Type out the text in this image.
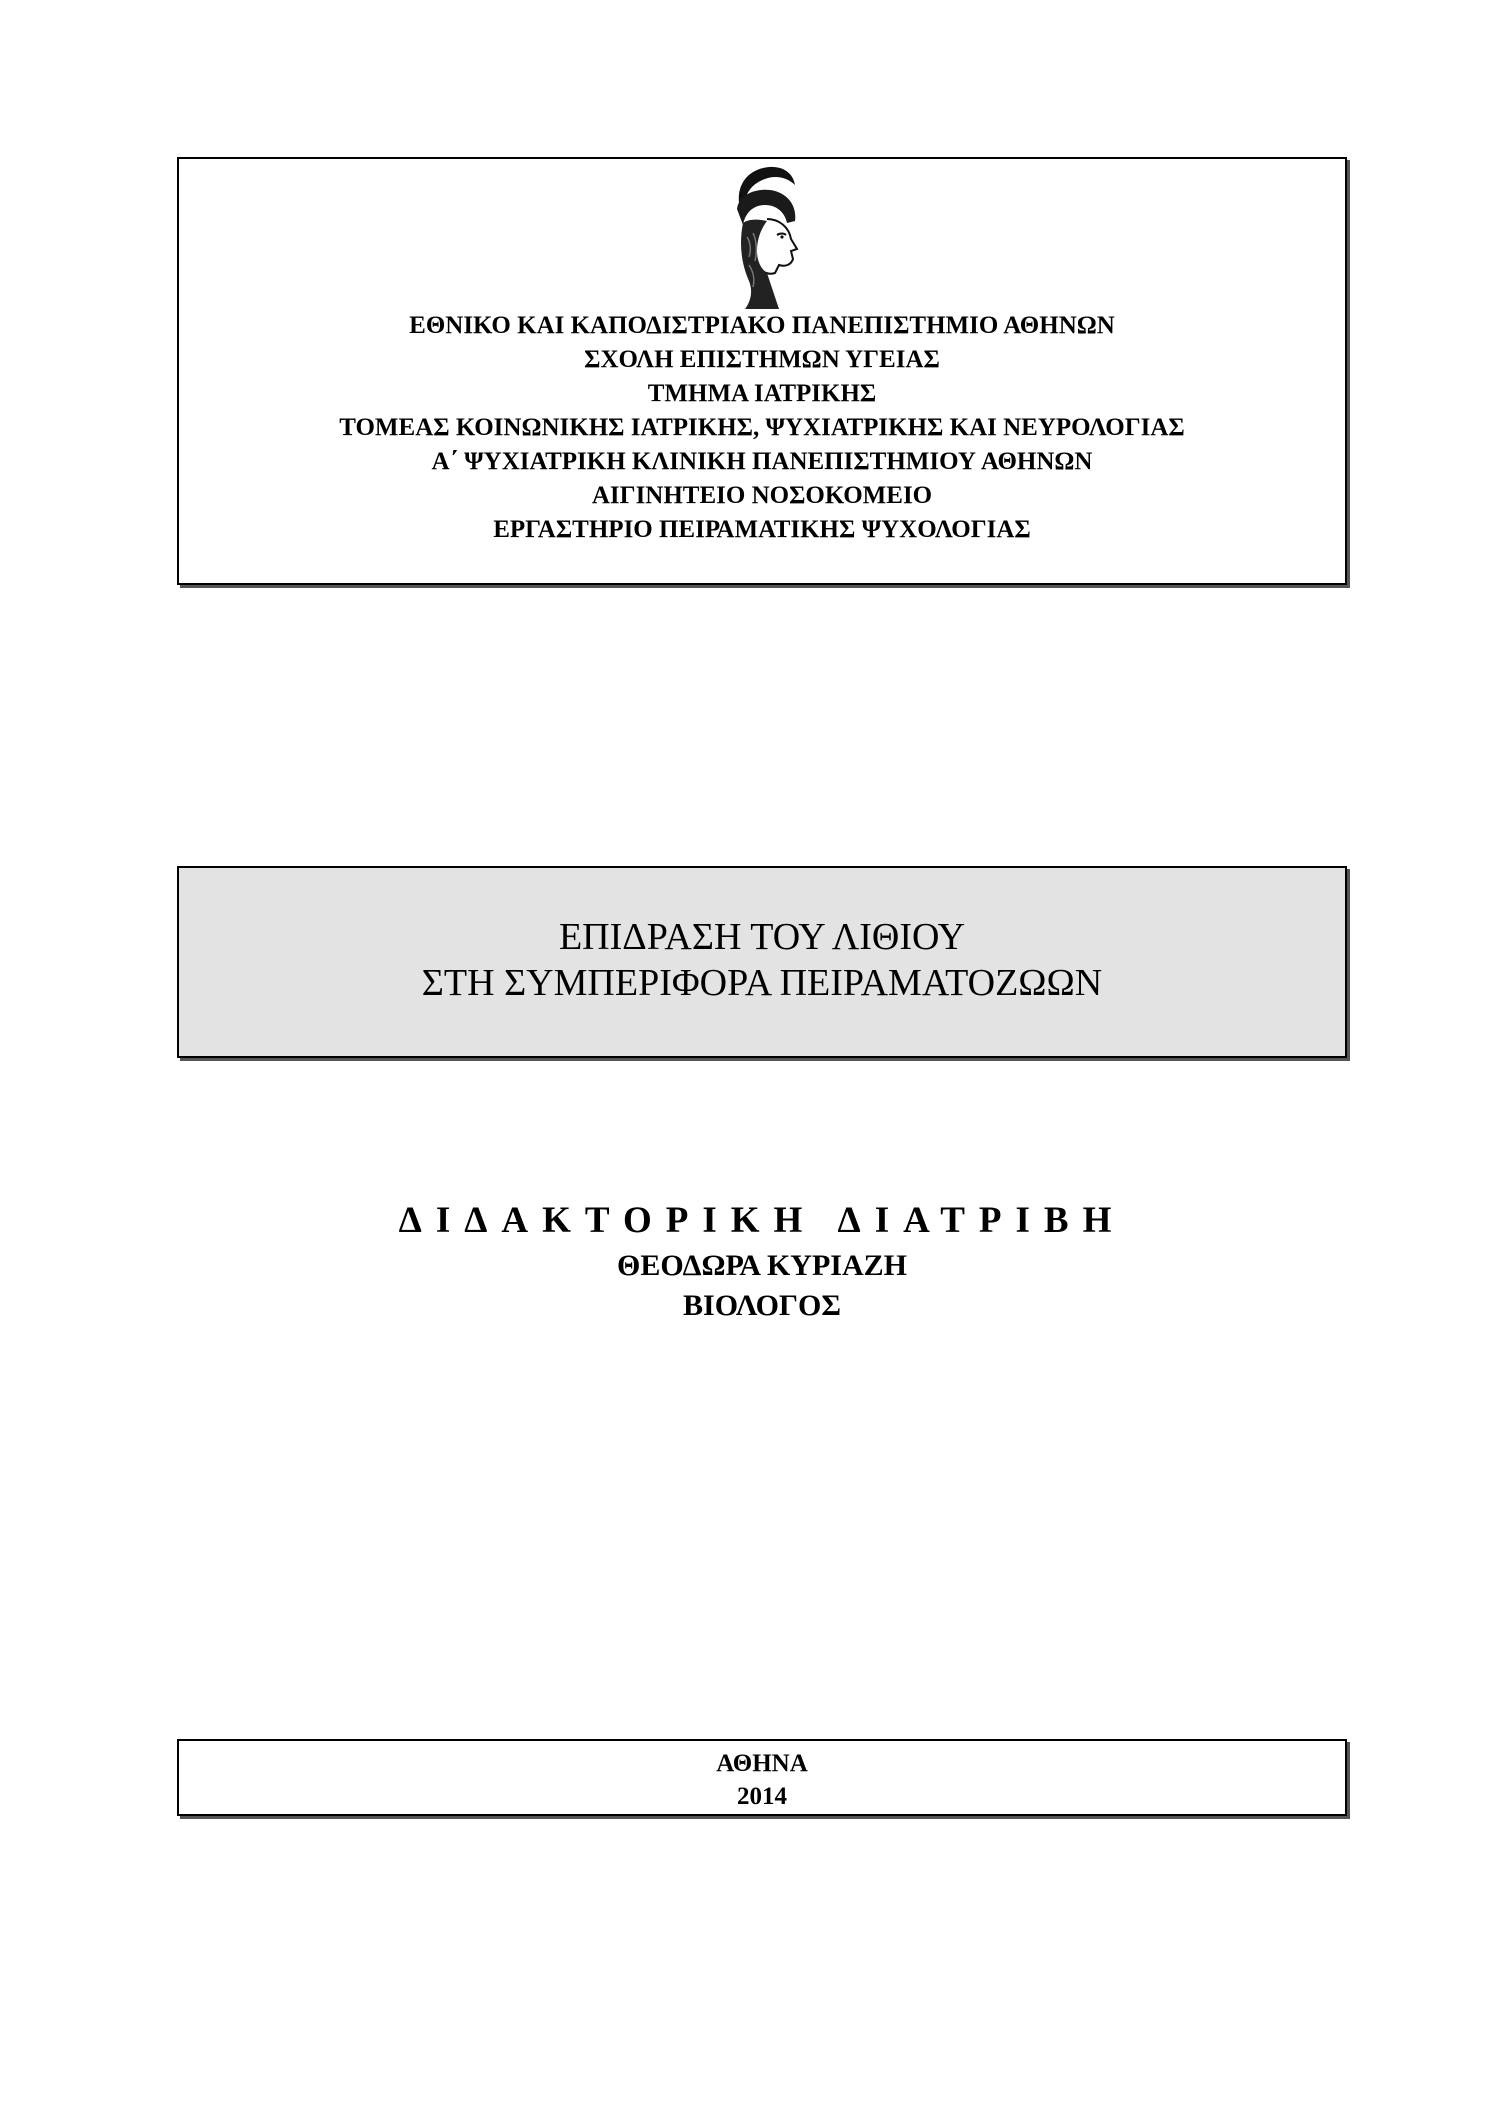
ΕΘΝΙΚΟ ΚΑΙ ΚΑΠΟΔΙΣΤΡΙΑΚΟ ΠΑΝΕΠΙΣΤΗΜΙΟ ΑΘΗΝΩΝ
ΣΧΟΛΗ ΕΠΙΣΤΗΜΩΝ ΥΓΕΙΑΣ
ΤΜΗΜΑ ΙΑΤΡΙΚΗΣ
ΤΟΜΕΑΣ ΚΟΙΝΩΝΙΚΗΣ ΙΑΤΡΙΚΗΣ, ΨΥΧΙΑΤΡΙΚΗΣ ΚΑΙ ΝΕΥΡΟΛΟΓΙΑΣ
Α΄ ΨΥΧΙΑΤΡΙΚΗ ΚΛΙΝΙΚΗ ΠΑΝΕΠΙΣΤΗΜΙΟΥ ΑΘΗΝΩΝ
ΑΙΓΙΝΗΤΕΙΟ ΝΟΣΟΚΟΜΕΙΟ
ΕΡΓΑΣΤΗΡΙΟ ΠΕΙΡΑΜΑΤΙΚΗΣ ΨΥΧΟΛΟΓΙΑΣ
ΕΠΙΔΡΑΣΗ ΤΟΥ ΛΙΘΙΟΥ
ΣΤΗ ΣΥΜΠΕΡΙΦΟΡΑ ΠΕΙΡΑΜΑΤΟΖΩΩΝ
ΔΙΔΑΚΤΟΡΙΚΗ ΔΙΑΤΡΙΒΗ
ΘΕΟΔΩΡΑ ΚΥΡΙΑΖΗ
ΒΙΟΛΟΓΟΣ
ΑΘΗΝΑ
2014
